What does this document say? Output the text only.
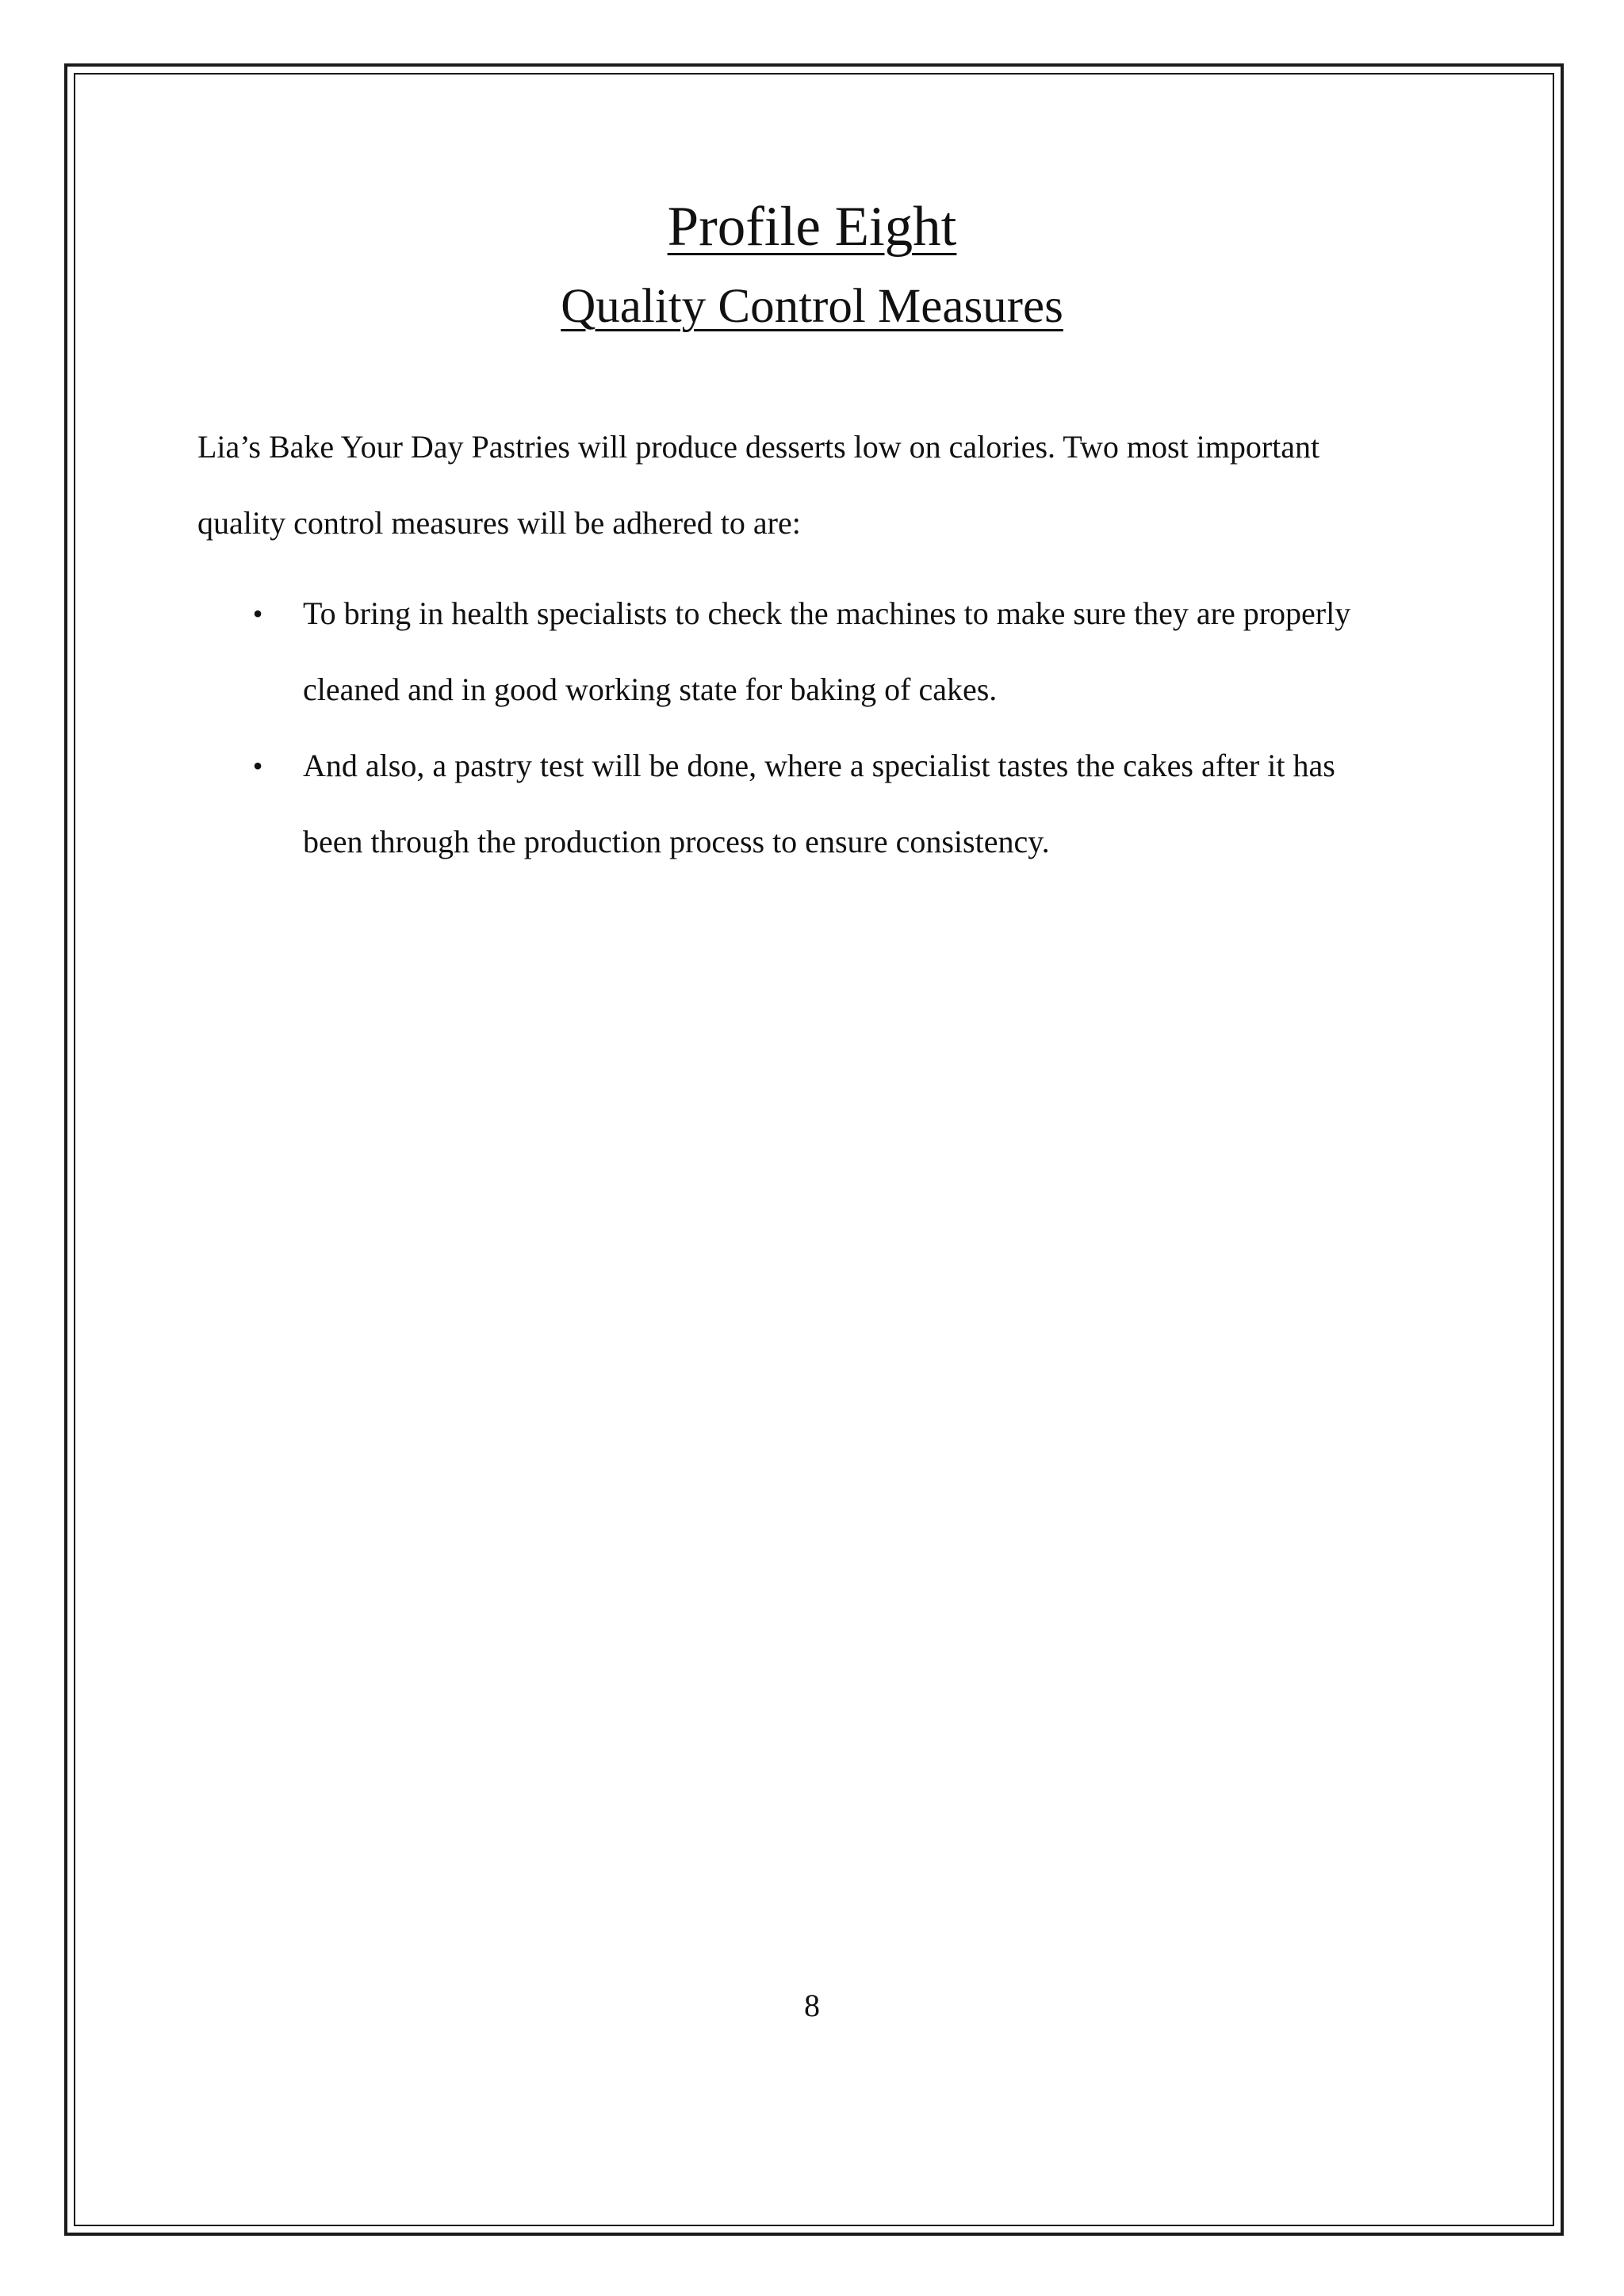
Profile Eight
Quality Control Measures

Lia’s Bake Your Day Pastries will produce desserts low on calories. Two most important quality control measures will be adhered to are:

• To bring in health specialists to check the machines to make sure they are properly cleaned and in good working state for baking of cakes.
• And also, a pastry test will be done, where a specialist tastes the cakes after it has been through the production process to ensure consistency.

8
